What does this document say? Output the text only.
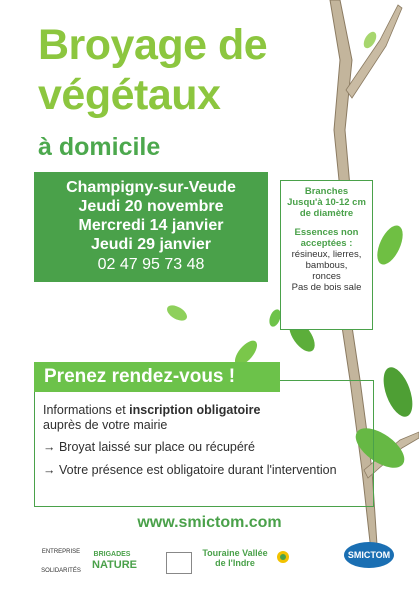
Broyage de
végétaux
à domicile
Champigny-sur-Veude
Jeudi 20 novembre
Mercredi 14 janvier
Jeudi 29 janvier
02 47 95 73 48
Branches
Jusqu'à 10-12 cm
de diamètre
Essences non
acceptées :
résineux, lierres,
bambous,
ronces
Pas de bois sale
Informations et inscription obligatoire
auprès de votre mairie
→ Broyat laissé sur place ou récupéré
→ Votre présence est obligatoire durant l'intervention
Prenez rendez-vous !
www.smictom.com
ENTREPRISE
SOLIDARITÉS
BRIGADES
NATURE
Touraine Vallée de l'Indre
SMICTOM
